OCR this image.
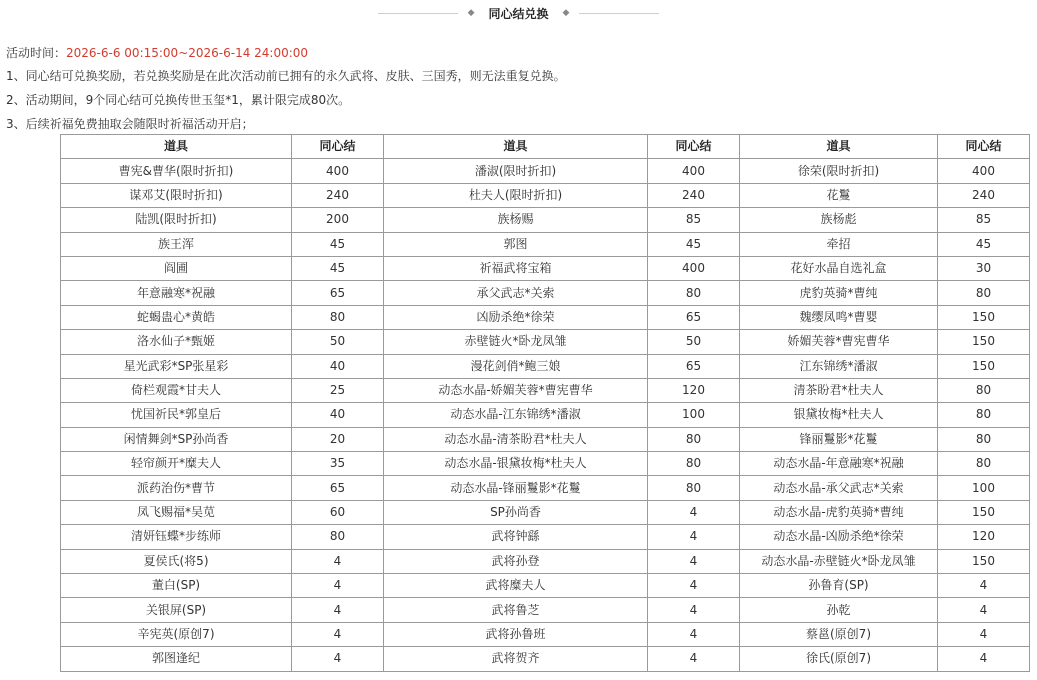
◆ 同心结兑换 ◆
活动时间：2026-6-6 00:15:00~2026-6-14 24:00:00
1、同心结可兑换奖励，若兑换奖励是在此次活动前已拥有的永久武将、皮肤、三国秀，则无法重复兑换。
2、活动期间，9个同心结可兑换传世玉玺*1，累计限完成80次。
3、后续祈福免费抽取会随限时祈福活动开启；
道具	同心结	道具	同心结	道具	同心结
曹宪&曹华(限时折扣)	400	潘淑(限时折扣)	400	徐荣(限时折扣)	400
谋邓艾(限时折扣)	240	杜夫人(限时折扣)	240	花鬘	240
陆凯(限时折扣)	200	族杨赐	85	族杨彪	85
族王浑	45	郭图	45	牵招	45
阎圃	45	祈福武将宝箱	400	花好水晶自选礼盒	30
年意融寒*祝融	65	承父武志*关索	80	虎豹英骑*曹纯	80
蛇蝎蛊心*黄皓	80	凶励杀绝*徐荣	65	魏缨凤鸣*曹婴	150
洛水仙子*甄姬	50	赤壁链火*卧龙凤雏	50	娇媚芙蓉*曹宪曹华	150
星光武彩*SP张星彩	40	漫花剑俏*鲍三娘	65	江东锦绣*潘淑	150
倚栏观霞*甘夫人	25	动态水晶-娇媚芙蓉*曹宪曹华	120	清茶盼君*杜夫人	80
忧国祈民*郭皇后	40	动态水晶-江东锦绣*潘淑	100	银黛妆梅*杜夫人	80
闲情舞剑*SP孙尚香	20	动态水晶-清茶盼君*杜夫人	80	锋丽鬘影*花鬘	80
轻帘颜开*糜夫人	35	动态水晶-银黛妆梅*杜夫人	80	动态水晶-年意融寒*祝融	80
派药治伤*曹节	65	动态水晶-锋丽鬘影*花鬘	80	动态水晶-承父武志*关索	100
凤飞赐福*吴苋	60	SP孙尚香	4	动态水晶-虎豹英骑*曹纯	150
清妍钰蝶*步练师	80	武将钟繇	4	动态水晶-凶励杀绝*徐荣	120
夏侯氏(将5)	4	武将孙登	4	动态水晶-赤壁链火*卧龙凤雏	150
董白(SP)	4	武将糜夫人	4	孙鲁育(SP)	4
关银屏(SP)	4	武将鲁芝	4	孙乾	4
辛宪英(原创7)	4	武将孙鲁班	4	蔡邕(原创7)	4
郭图逢纪	4	武将贺齐	4	徐氏(原创7)	4
